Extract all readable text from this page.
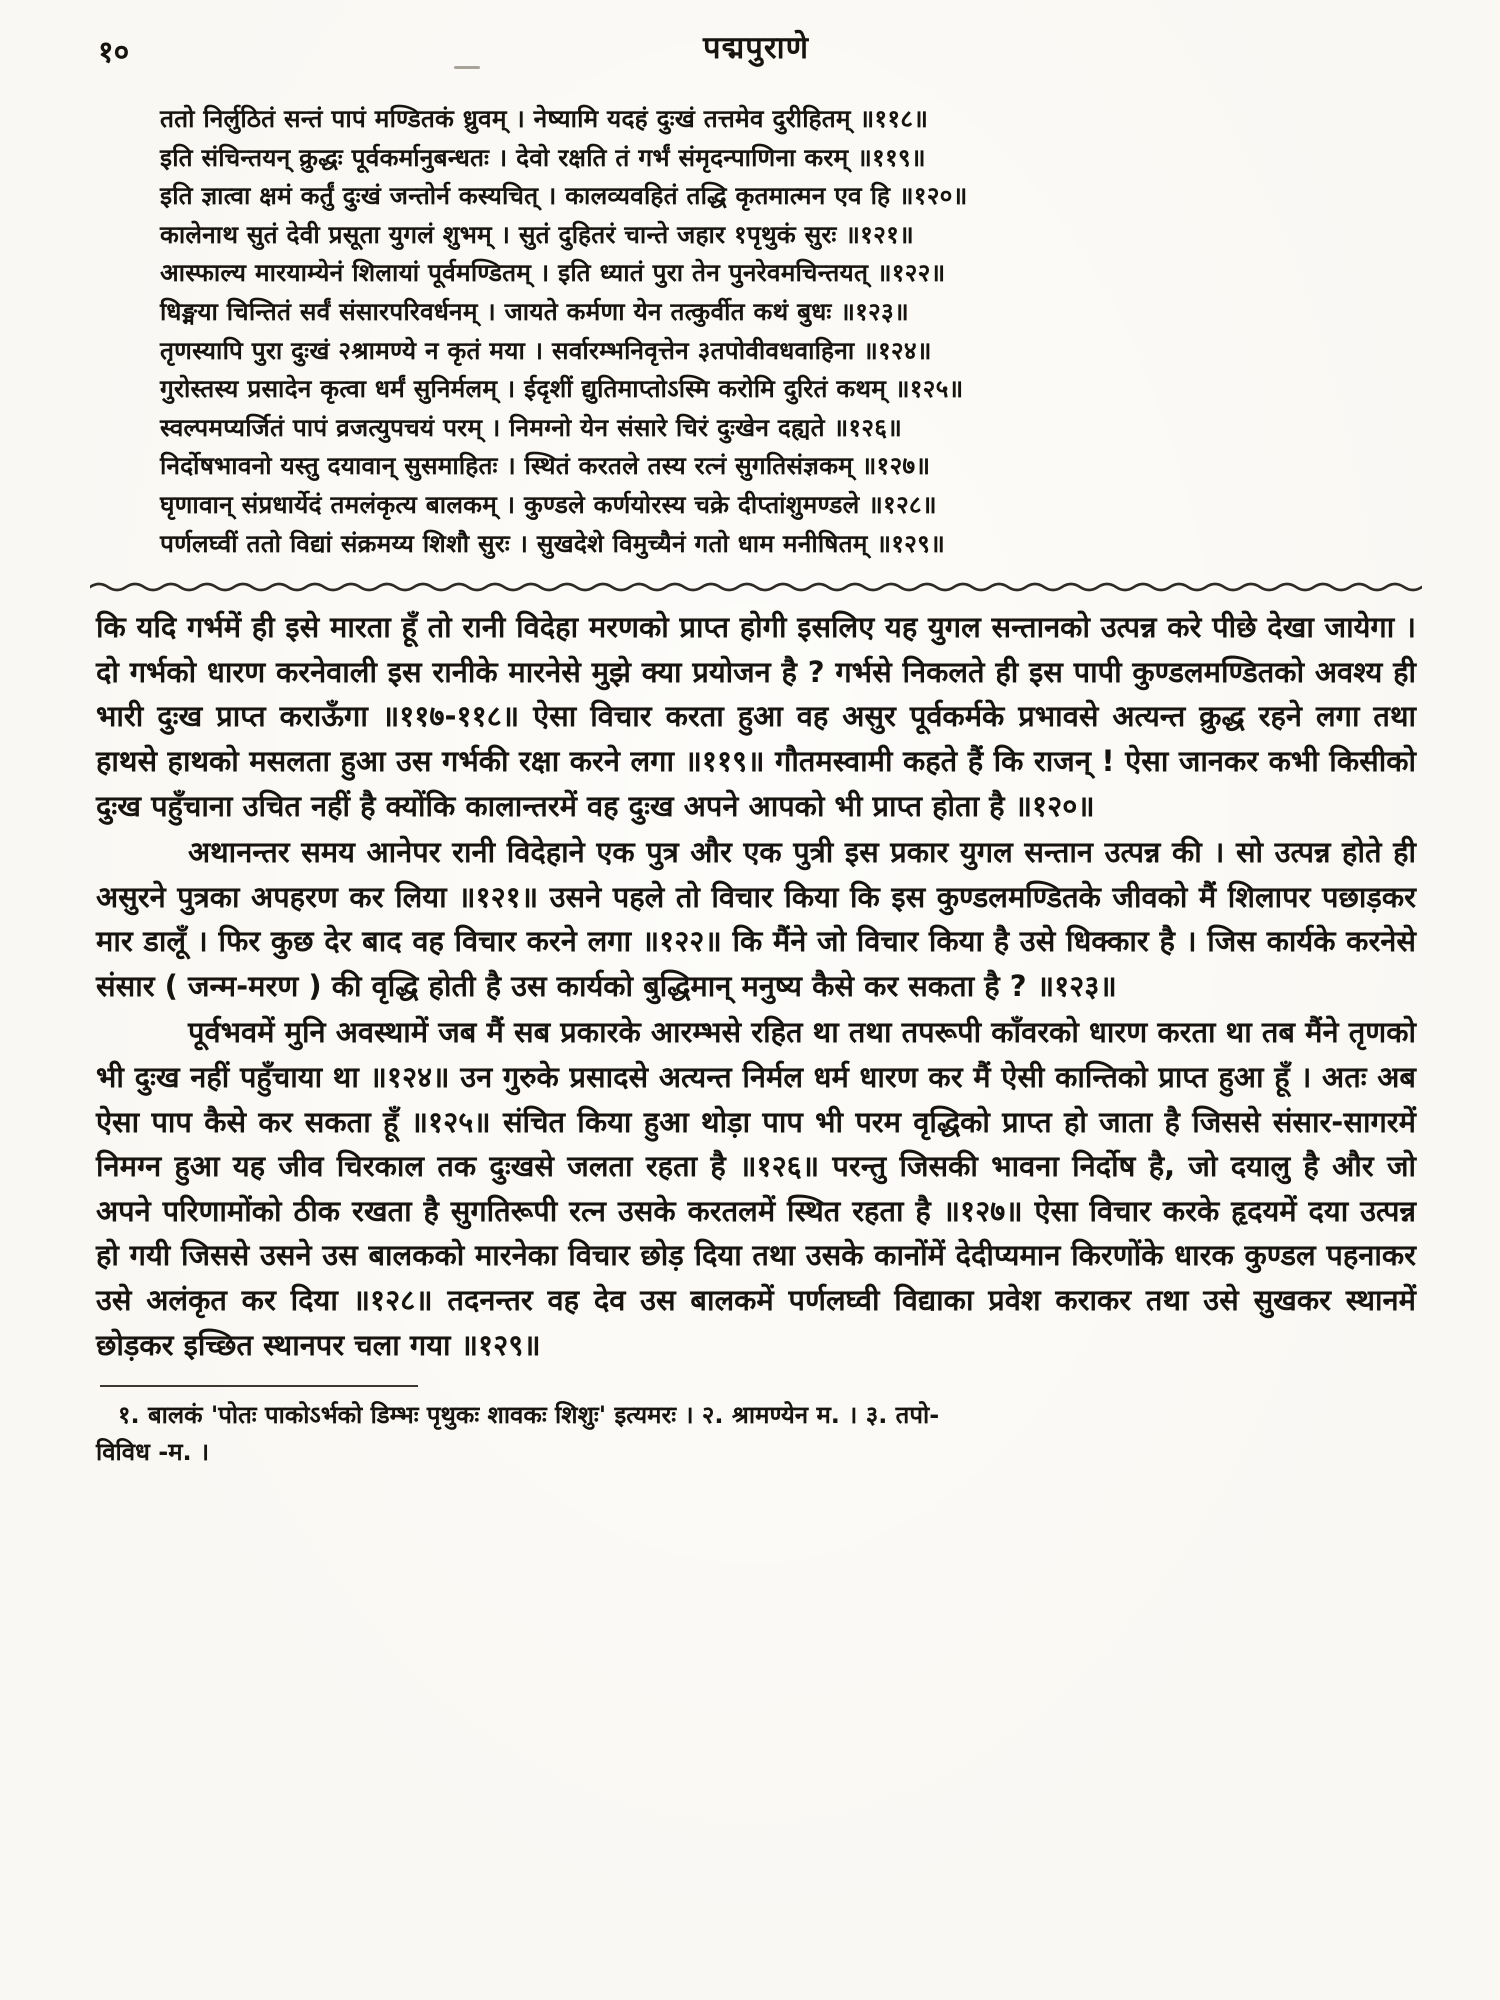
१०	पद्मपुराणे
ततो निर्लुठितं सन्तं पापं मण्डितकं ध्रुवम् । नेष्यामि यदहं दुःखं तत्तमेव दुरीहितम् ॥११८॥
इति संचिन्तयन् क्रुद्धः पूर्वकर्मानुबन्धतः । देवो रक्षति तं गर्भं संमृदन्पाणिना करम् ॥११९॥
इति ज्ञात्वा क्षमं कर्तुं दुःखं जन्तोर्न कस्यचित् । कालव्यवहितं तद्धि कृतमात्मन एव हि ॥१२०॥
कालेनाथ सुतं देवी प्रसूता युगलं शुभम् । सुतं दुहितरं चान्ते जहार १पृथुकं सुरः ॥१२१॥
आस्फाल्य मारयाम्येनं शिलायां पूर्वमण्डितम् । इति ध्यातं पुरा तेन पुनरेवमचिन्तयत् ॥१२२॥
धिङ्मया चिन्तितं सर्वं संसारपरिवर्धनम् । जायते कर्मणा येन तत्कुर्वीत कथं बुधः ॥१२३॥
तृणस्यापि पुरा दुःखं २श्रामण्ये न कृतं मया । सर्वारम्भनिवृत्तेन ३तपोवीवधवाहिना ॥१२४॥
गुरोस्तस्य प्रसादेन कृत्वा धर्मं सुनिर्मलम् । ईदृशीं द्युतिमाप्तोऽस्मि करोमि दुरितं कथम् ॥१२५॥
स्वल्पमप्यर्जितं पापं व्रजत्युपचयं परम् । निमग्नो येन संसारे चिरं दुःखेन दह्यते ॥१२६॥
निर्दोषभावनो यस्तु दयावान् सुसमाहितः । स्थितं करतले तस्य रत्नं सुगतिसंज्ञकम् ॥१२७॥
घृणावान् संप्रधार्येदं तमलंकृत्य बालकम् । कुण्डले कर्णयोरस्य चक्रे दीप्तांशुमण्डले ॥१२८॥
पर्णलघ्वीं ततो विद्यां संक्रमय्य शिशौ सुरः । सुखदेशे विमुच्यैनं गतो धाम मनीषितम् ॥१२९॥

कि यदि गर्भमें ही इसे मारता हूँ तो रानी विदेहा मरणको प्राप्त होगी इसलिए यह युगल सन्तानको उत्पन्न करे पीछे देखा जायेगा । दो गर्भको धारण करनेवाली इस रानीके मारनेसे मुझे क्या प्रयोजन है ? गर्भसे निकलते ही इस पापी कुण्डलमण्डितको अवश्य ही भारी दुःख प्राप्त कराऊँगा ॥११७-११८॥ ऐसा विचार करता हुआ वह असुर पूर्वकर्मके प्रभावसे अत्यन्त क्रुद्ध रहने लगा तथा हाथसे हाथको मसलता हुआ उस गर्भकी रक्षा करने लगा ॥११९॥ गौतमस्वामी कहते हैं कि राजन् ! ऐसा जानकर कभी किसीको दुःख पहुँचाना उचित नहीं है क्योंकि कालान्तरमें वह दुःख अपने आपको भी प्राप्त होता है ॥१२०॥

अथानन्तर समय आनेपर रानी विदेहाने एक पुत्र और एक पुत्री इस प्रकार युगल सन्तान उत्पन्न की । सो उत्पन्न होते ही असुरने पुत्रका अपहरण कर लिया ॥१२१॥ उसने पहले तो विचार किया कि इस कुण्डलमण्डितके जीवको मैं शिलापर पछाड़कर मार डालूँ । फिर कुछ देर बाद वह विचार करने लगा ॥१२२॥ कि मैंने जो विचार किया है उसे धिक्कार है । जिस कार्यके करनेसे संसार ( जन्म-मरण ) की वृद्धि होती है उस कार्यको बुद्धिमान् मनुष्य कैसे कर सकता है ? ॥१२३॥

पूर्वभवमें मुनि अवस्थामें जब मैं सब प्रकारके आरम्भसे रहित था तथा तपरूपी काँवरको धारण करता था तब मैंने तृणको भी दुःख नहीं पहुँचाया था ॥१२४॥ उन गुरुके प्रसादसे अत्यन्त निर्मल धर्म धारण कर मैं ऐसी कान्तिको प्राप्त हुआ हूँ । अतः अब ऐसा पाप कैसे कर सकता हूँ ॥१२५॥ संचित किया हुआ थोड़ा पाप भी परम वृद्धिको प्राप्त हो जाता है जिससे संसार-सागरमें निमग्न हुआ यह जीव चिरकाल तक दुःखसे जलता रहता है ॥१२६॥ परन्तु जिसकी भावना निर्दोष है, जो दयालु है और जो अपने परिणामोंको ठीक रखता है सुगतिरूपी रत्न उसके करतलमें स्थित रहता है ॥१२७॥ ऐसा विचार करके हृदयमें दया उत्पन्न हो गयी जिससे उसने उस बालकको मारनेका विचार छोड़ दिया तथा उसके कानोंमें देदीप्यमान किरणोंके धारक कुण्डल पहनाकर उसे अलंकृत कर दिया ॥१२८॥ तदनन्तर वह देव उस बालकमें पर्णलघ्वी विद्याका प्रवेश कराकर तथा उसे सुखकर स्थानमें छोड़कर इच्छित स्थानपर चला गया ॥१२९॥

१. बालकं 'पोतः पाकोऽर्भको डिम्भः पृथुकः शावकः शिशुः' इत्यमरः । २. श्रामण्येन म. । ३. तपो-

विविध -म. ।
